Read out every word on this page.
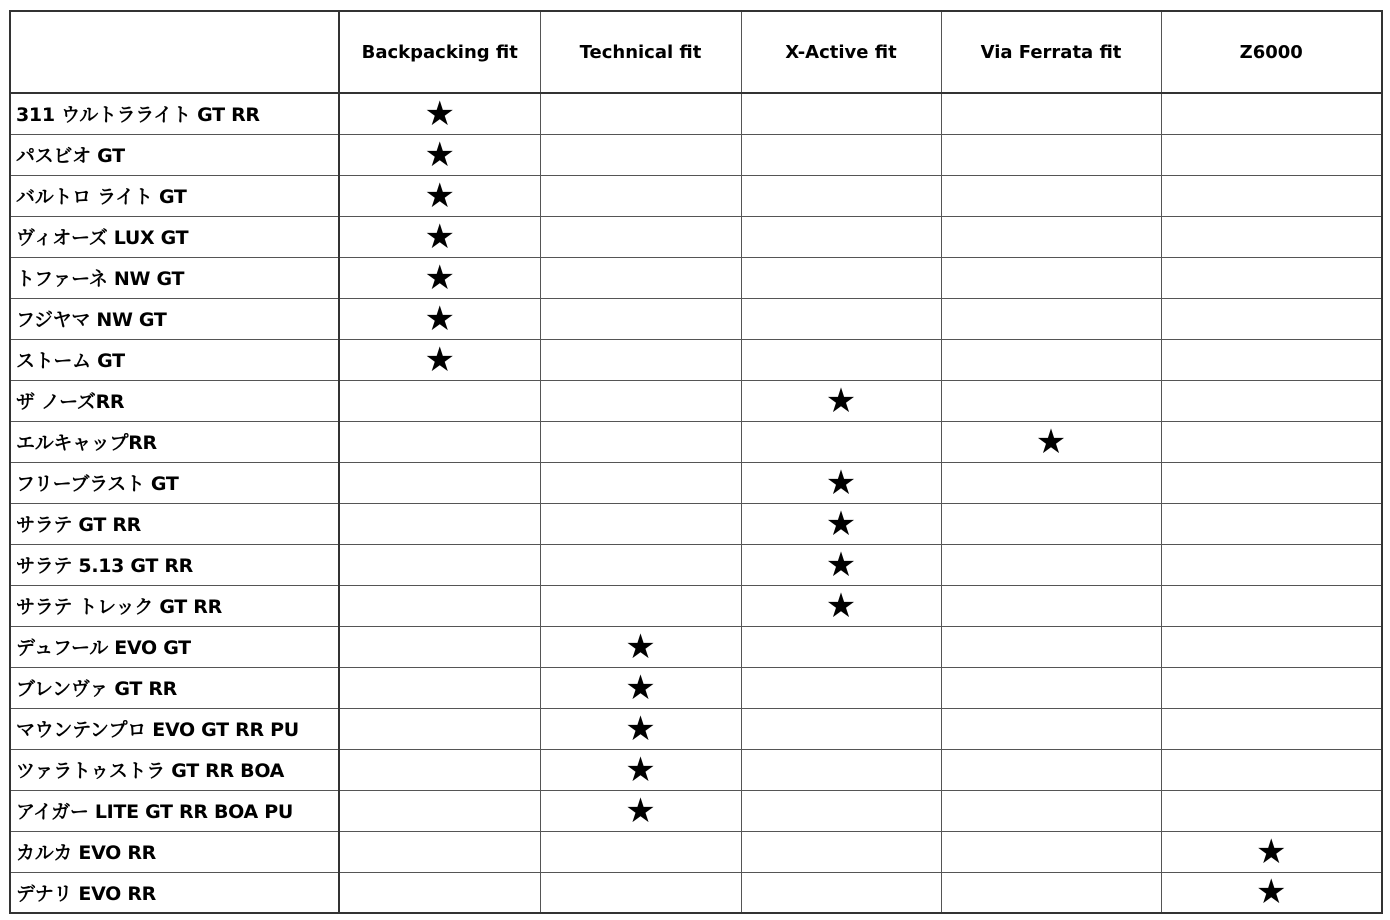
	Backpacking fit	Technical fit	X-Active fit	Via Ferrata fit	Z6000
311 ウルトラライト GT RR	★				
パスビオ GT	★				
バルトロ ライト GT	★				
ヴィオーズ LUX GT	★				
トファーネ NW GT	★				
フジヤマ NW GT	★				
ストーム GT	★				
ザ ノーズRR			★		
エルキャップRR				★	
フリーブラスト GT			★		
サラテ GT RR			★		
サラテ 5.13 GT RR			★		
サラテ トレック GT RR			★		
デュフール EVO GT		★			
ブレンヴァ GT RR		★			
マウンテンプロ EVO GT RR PU		★			
ツァラトゥストラ GT RR BOA		★			
アイガー LITE GT RR BOA PU		★			
カルカ EVO RR					★
デナリ EVO RR					★
